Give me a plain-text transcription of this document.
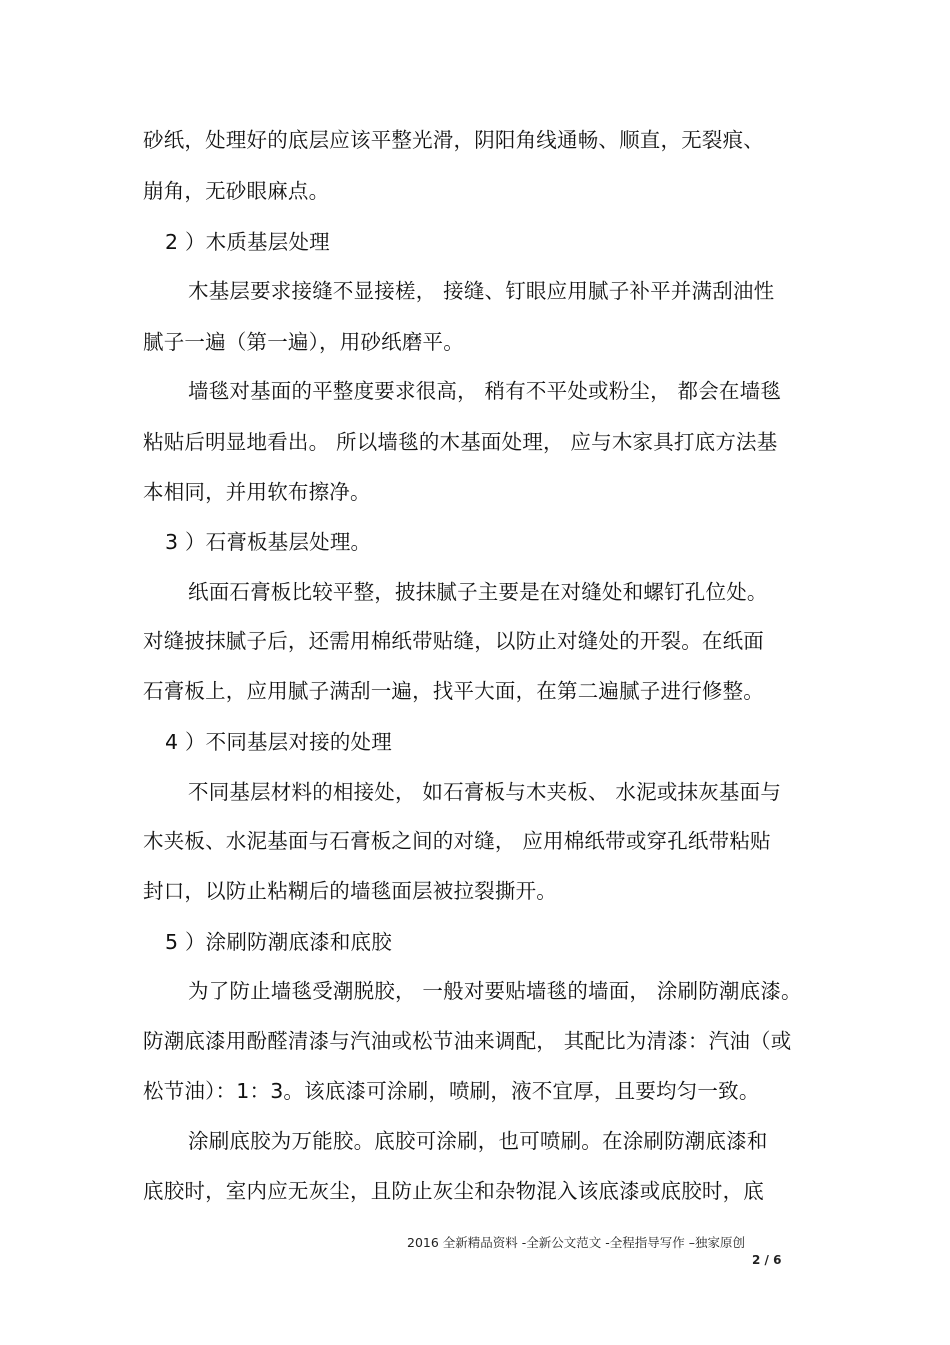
砂纸，处理好的底层应该平整光滑，阴阳角线通畅、顺直，无裂痕、

崩角，无砂眼麻点。

2 ）木质基层处理

木基层要求接缝不显接槎， 接缝、钉眼应用腻子补平并满刮油性

腻子一遍（第一遍），用砂纸磨平。

墙毯对基面的平整度要求很高， 稍有不平处或粉尘， 都会在墙毯

粘贴后明显地看出。 所以墙毯的木基面处理， 应与木家具打底方法基

本相同，并用软布擦净。

3 ）石膏板基层处理。

纸面石膏板比较平整，披抹腻子主要是在对缝处和螺钉孔位处。

对缝披抹腻子后，还需用棉纸带贴缝，以防止对缝处的开裂。在纸面

石膏板上，应用腻子满刮一遍，找平大面，在第二遍腻子进行修整。

4 ）不同基层对接的处理

不同基层材料的相接处， 如石膏板与木夹板、 水泥或抹灰基面与

木夹板、水泥基面与石膏板之间的对缝， 应用棉纸带或穿孔纸带粘贴

封口，以防止粘糊后的墙毯面层被拉裂撕开。

5 ）涂刷防潮底漆和底胶

为了防止墙毯受潮脱胶， 一般对要贴墙毯的墙面， 涂刷防潮底漆。

防潮底漆用酚醛清漆与汽油或松节油来调配， 其配比为清漆：汽油（或

松节油）：1：3。该底漆可涂刷，喷刷，液不宜厚，且要均匀一致。

涂刷底胶为万能胶。底胶可涂刷，也可喷刷。在涂刷防潮底漆和

底胶时，室内应无灰尘，且防止灰尘和杂物混入该底漆或底胶时，底

2016 全新精品资料 -全新公文范文 -全程指导写作 –独家原创
2 / 6
